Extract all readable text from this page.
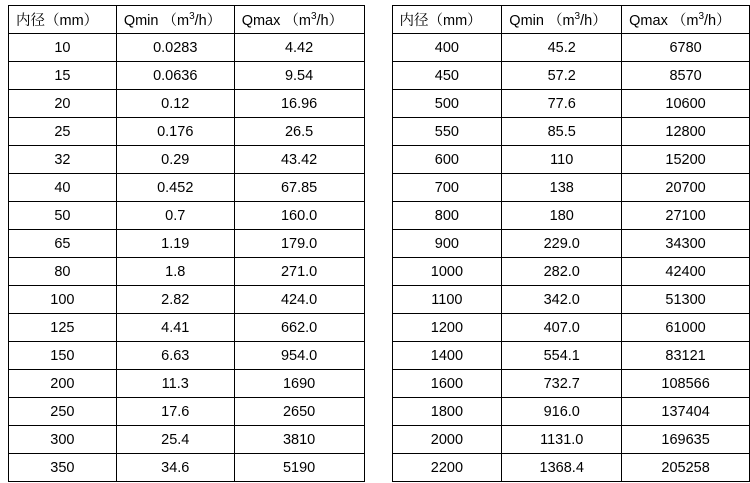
内径（mm）	Qmin $(m^3/h)$	Qmax $(m^3/h)$
10	0.0283	4.42
15	0.0636	9.54
20	0.12	16.96
25	0.176	26.5
32	0.29	43.42
40	0.452	67.85
50	0.7	160.0
65	1.19	179.0
80	1.8	271.0
100	2.82	424.0
125	4.41	662.0
150	6.63	954.0
200	11.3	1690
250	17.6	2650
300	25.4	3810
350	34.6	5190
内径（mm）	Qmin $(m^3/h)$	Qmax $(m^3/h)$
400	45.2	6780
450	57.2	8570
500	77.6	10600
550	85.5	12800
600	110	15200
700	138	20700
800	180	27100
900	229.0	34300
1000	282.0	42400
1100	342.0	51300
1200	407.0	61000
1400	554.1	83121
1600	732.7	108566
1800	916.0	137404
2000	1131.0	169635
2200	1368.4	205258
